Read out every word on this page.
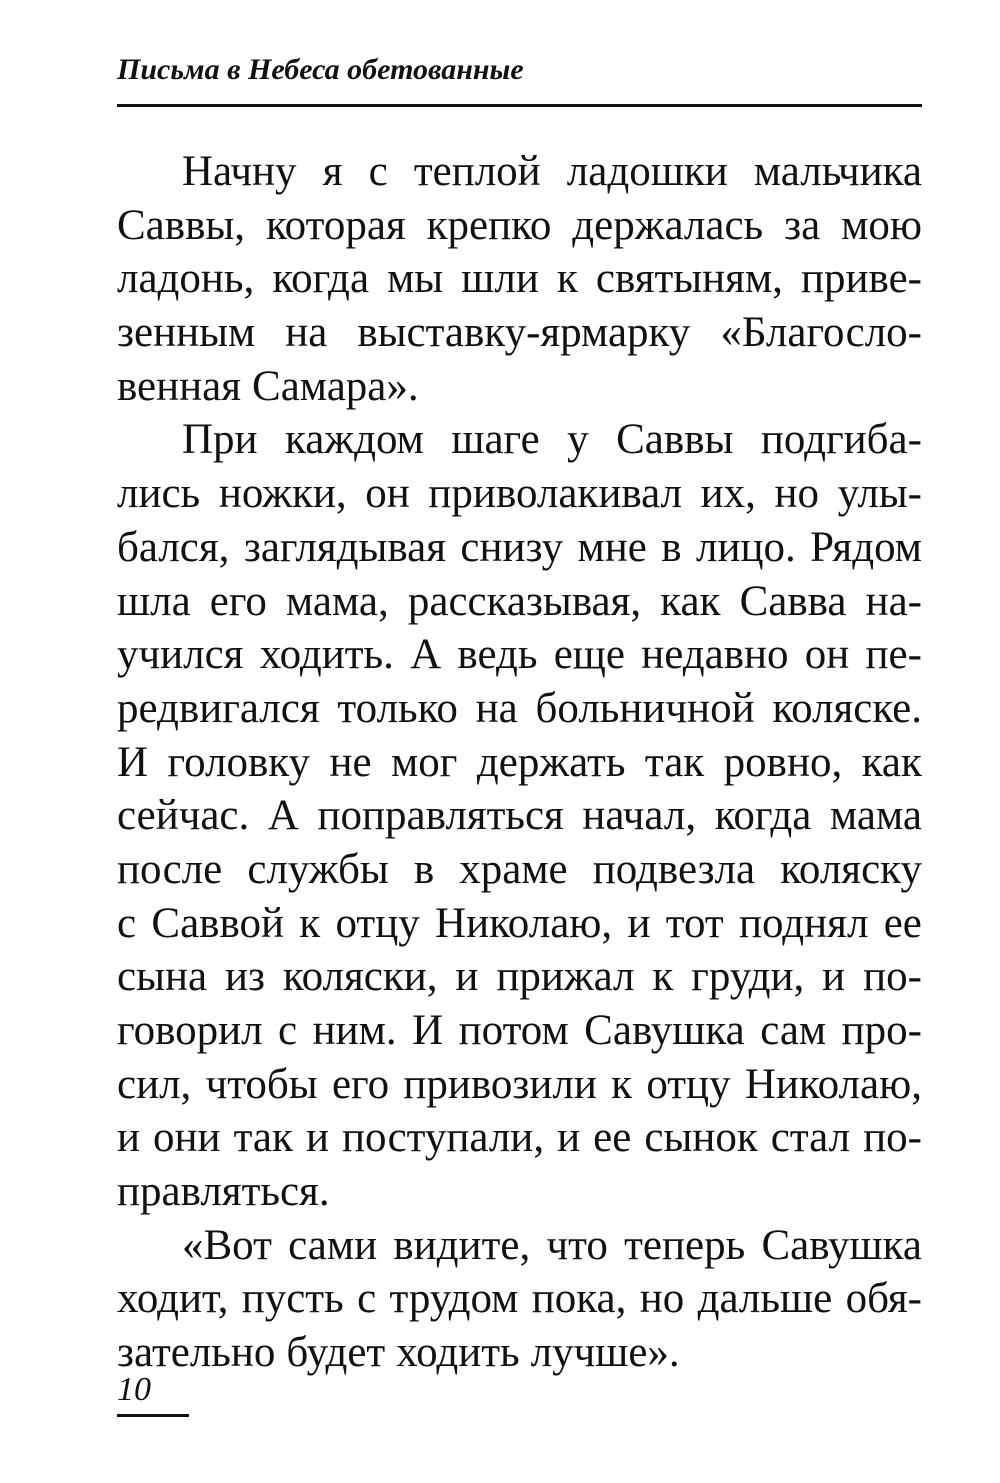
Письма в Небеса обетованные
Начну я с теплой ладошки мальчика
Саввы, которая крепко держалась за мою
ладонь, когда мы шли к святыням, приве-
зенным на выставку-ярмарку «Благосло-
венная Самара».
При каждом шаге у Саввы подгиба-
лись ножки, он приволакивал их, но улы-
бался, заглядывая снизу мне в лицо. Рядом
шла его мама, рассказывая, как Савва на-
учился ходить. А ведь еще недавно он пе-
редвигался только на больничной коляске.
И головку не мог держать так ровно, как
сейчас. А поправляться начал, когда мама
после службы в храме подвезла коляску
с Саввой к отцу Николаю, и тот поднял ее
сына из коляски, и прижал к груди, и по-
говорил с ним. И потом Савушка сам про-
сил, чтобы его привозили к отцу Николаю,
и они так и поступали, и ее сынок стал по-
правляться.
«Вот сами видите, что теперь Савушка
ходит, пусть с трудом пока, но дальше обя-
зательно будет ходить лучше».
10
